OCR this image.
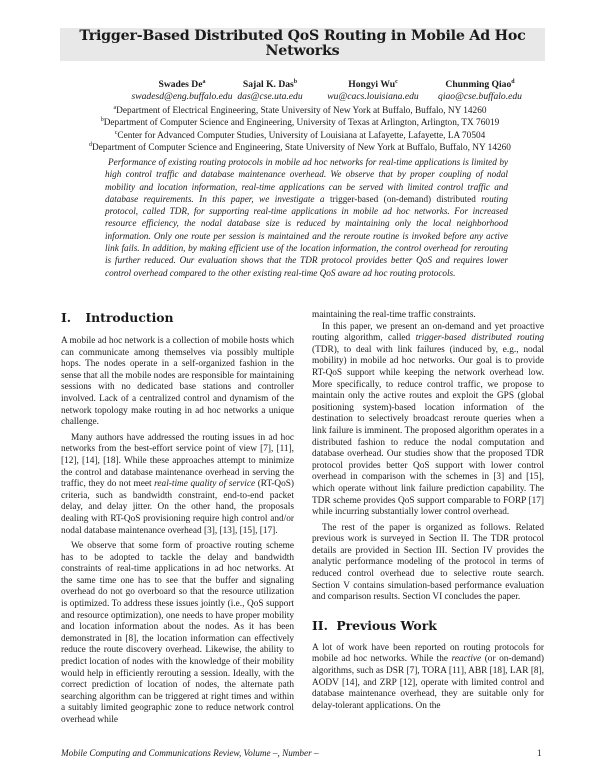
Trigger-Based Distributed QoS Routing in Mobile Ad Hoc Networks
Swades De$^a$
swadesd@eng.buffalo.edu
Sajal K. Das$^b$
das@cse.uta.edu
Hongyi Wu$^c$
wu@cacs.louisiana.edu
Chunming Qiao$^d$
qiao@cse.buffalo.edu
$^a$Department of Electrical Engineering, State University of New York at Buffalo, Buffalo, NY 14260
$^b$Department of Computer Science and Engineering, University of Texas at Arlington, Arlington, TX 76019
$^c$Center for Advanced Computer Studies, University of Louisiana at Lafayette, Lafayette, LA 70504
$^d$Department of Computer Science and Engineering, State University of New York at Buffalo, Buffalo, NY 14260
Performance of existing routing protocols in mobile ad hoc networks for real-time applications is limited by high control traffic and database maintenance overhead. We observe that by proper coupling of nodal mobility and location information, real-time applications can be served with limited control traffic and database requirements. In this paper, we investigate a trigger-based (on-demand) distributed routing protocol, called TDR, for supporting real-time applications in mobile ad hoc networks. For increased resource efficiency, the nodal database size is reduced by maintaining only the local neighborhood information. Only one route per session is maintained and the reroute routine is invoked before any active link fails. In addition, by making efficient use of the location information, the control overhead for rerouting is further reduced. Our evaluation shows that the TDR protocol provides better QoS and requires lower control overhead compared to the other existing real-time QoS aware ad hoc routing protocols.
I. Introduction

A mobile ad hoc network is a collection of mobile hosts which can communicate among themselves via possibly multiple hops. The nodes operate in a self-organized fashion in the sense that all the mobile nodes are responsible for maintaining sessions with no dedicated base stations and controller involved. Lack of a centralized control and dynamism of the network topology make routing in ad hoc networks a unique challenge.

Many authors have addressed the routing issues in ad hoc networks from the best-effort service point of view [7], [11], [12], [14], [18]. While these approaches attempt to minimize the control and database maintenance overhead in serving the traffic, they do not meet real-time quality of service (RT-QoS) criteria, such as bandwidth constraint, end-to-end packet delay, and delay jitter. On the other hand, the proposals dealing with RT-QoS provisioning require high control and/or nodal database maintenance overhead [3], [13], [15], [17].

We observe that some form of proactive routing scheme has to be adopted to tackle the delay and bandwidth constraints of real-time applications in ad hoc networks. At the same time one has to see that the buffer and signaling overhead do not go overboard so that the resource utilization is optimized. To address these issues jointly (i.e., QoS support and resource optimization), one needs to have proper mobility and location information about the nodes. As it has been demonstrated in [8], the location information can effectively reduce the route discovery overhead. Likewise, the ability to predict location of nodes with the knowledge of their mobility would help in efficiently rerouting a session. Ideally, with the correct prediction of location of nodes, the alternate path searching algorithm can be triggered at right times and within a suitably limited geographic zone to reduce network control overhead while

maintaining the real-time traffic constraints.

In this paper, we present an on-demand and yet proactive routing algorithm, called trigger-based distributed routing (TDR), to deal with link failures (induced by, e.g., nodal mobility) in mobile ad hoc networks. Our goal is to provide RT-QoS support while keeping the network overhead low. More specifically, to reduce control traffic, we propose to maintain only the active routes and exploit the GPS (global positioning system)-based location information of the destination to selectively broadcast reroute queries when a link failure is imminent. The proposed algorithm operates in a distributed fashion to reduce the nodal computation and database overhead. Our studies show that the proposed TDR protocol provides better QoS support with lower control overhead in comparison with the schemes in [3] and [15], which operate without link failure prediction capability. The TDR scheme provides QoS support comparable to FORP [17] while incurring substantially lower control overhead.

The rest of the paper is organized as follows. Related previous work is surveyed in Section II. The TDR protocol details are provided in Section III. Section IV provides the analytic performance modeling of the protocol in terms of reduced control overhead due to selective route search. Section V contains simulation-based performance evaluation and comparison results. Section VI concludes the paper.

II. Previous Work

A lot of work have been reported on routing protocols for mobile ad hoc networks. While the reactive (or on-demand) algorithms, such as DSR [7], TORA [11], ABR [18], LAR [8], AODV [14], and ZRP [12], operate with limited control and database maintenance overhead, they are suitable only for delay-tolerant applications. On the

Mobile Computing and Communications Review, Volume –, Number –	1
